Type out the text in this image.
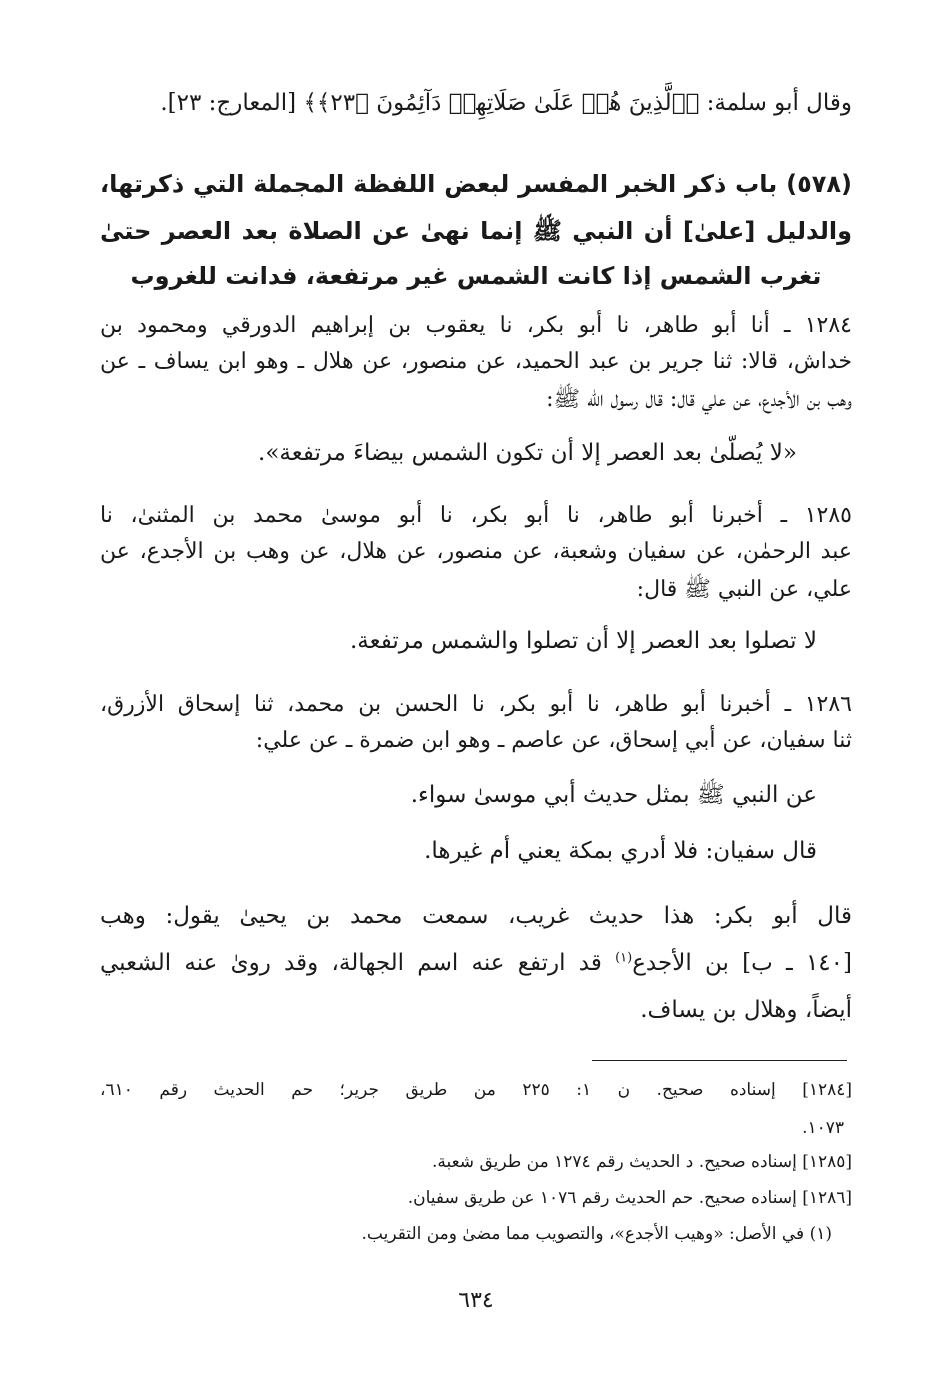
وقال أبو سلمة: ﴿ٱلَّذِينَ هُمۡ عَلَىٰ صَلَاتِهِمۡ دَآئِمُونَ ﴿٢٣﴾﴾ [المعارج: ٢٣].
(٥٧٨) باب ذكر الخبر المفسر لبعض اللفظة المجملة التي ذكرتها،
والدليل [علىٰ] أن النبي ﷺ إنما نهىٰ عن الصلاة بعد العصر حتىٰ
تغرب الشمس إذا كانت الشمس غير مرتفعة، فدانت للغروب
١٢٨٤ ـ أنا أبو طاهر، نا أبو بكر، نا يعقوب بن إبراهيم الدورقي ومحمود بن
خداش، قالا: ثنا جرير بن عبد الحميد، عن منصور، عن هلال ـ وهو ابن يساف ـ عن
وهب بن الأجدع، عن علي قال: قال رسول الله ﷺ:
«لا يُصلّىٰ بعد العصر إلا أن تكون الشمس بيضاءَ مرتفعة».
١٢٨٥ ـ أخبرنا أبو طاهر، نا أبو بكر، نا أبو موسىٰ محمد بن المثنىٰ، نا
عبد الرحمٰن، عن سفيان وشعبة، عن منصور، عن هلال، عن وهب بن الأجدع، عن
علي، عن النبي ﷺ قال:
لا تصلوا بعد العصر إلا أن تصلوا والشمس مرتفعة.
١٢٨٦ ـ أخبرنا أبو طاهر، نا أبو بكر، نا الحسن بن محمد، ثنا إسحاق الأزرق،
ثنا سفيان، عن أبي إسحاق، عن عاصم ـ وهو ابن ضمرة ـ عن علي:
عن النبي ﷺ بمثل حديث أبي موسىٰ سواء.
قال سفيان: فلا أدري بمكة يعني أم غيرها.
قال أبو بكر: هذا حديث غريب، سمعت محمد بن يحيىٰ يقول: وهب
[١٤٠ ـ ب] بن الأجدع$^{(١)}$ قد ارتفع عنه اسم الجهالة، وقد روىٰ عنه الشعبي
أيضاً، وهلال بن يساف.
[١٢٨٤] إسناده صحيح. ن ١: ٢٢٥ من طريق جرير؛ حم الحديث رقم ٦١٠،
١٠٧٣.
[١٢٨٥] إسناده صحيح. د الحديث رقم ١٢٧٤ من طريق شعبة.
[١٢٨٦] إسناده صحيح. حم الحديث رقم ١٠٧٦ عن طريق سفيان.
(١) في الأصل: «وهيب الأجدع»، والتصويب مما مضىٰ ومن التقريب.
٦٣٤
